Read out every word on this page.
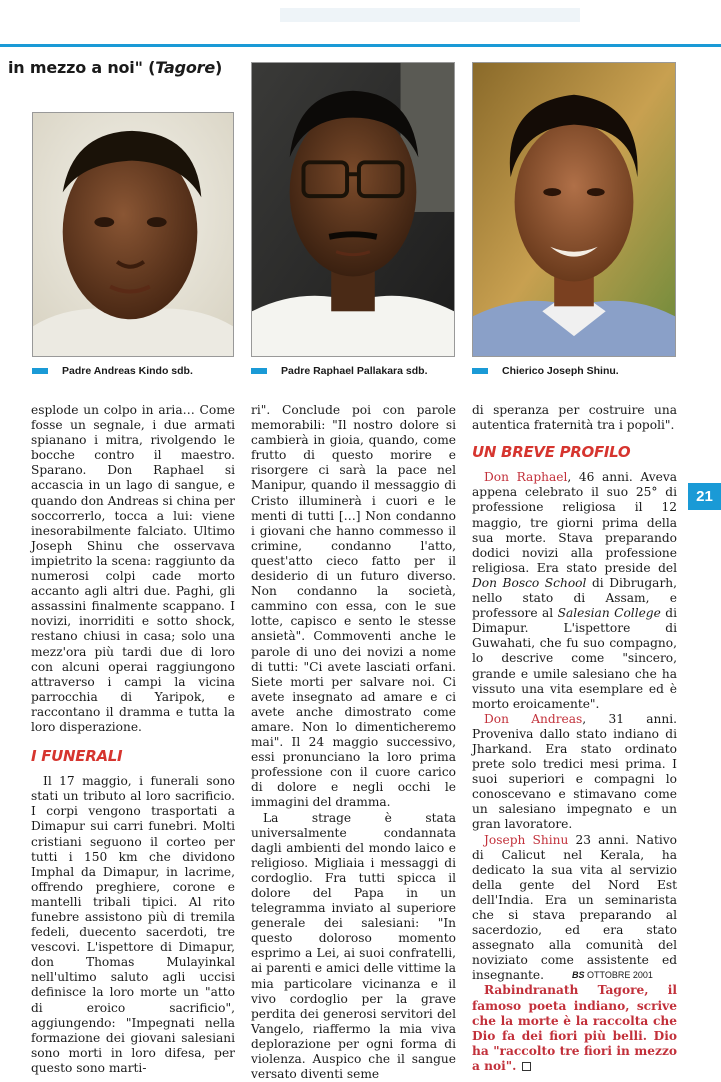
in mezzo a noi" (Tagore)
Padre Andreas Kindo sdb.	Padre Raphael Pallakara sdb.	Chierico Joseph Shinu.

esplode un colpo in aria… Come fosse un segnale, i due armati spianano i mitra, rivolgendo le bocche contro il maestro. Sparano. Don Raphael si accascia in un lago di sangue, e quando don Andreas si china per soccorrerlo, tocca a lui: viene inesorabilmente falciato. Ultimo Joseph Shinu che osservava impietrito la scena: raggiunto da numerosi colpi cade morto accanto agli altri due. Paghi, gli assassini finalmente scappano. I novizi, inorriditi e sotto shock, restano chiusi in casa; solo una mezz'ora più tardi due di loro con alcuni operai raggiungono attraverso i campi la vicina parrocchia di Yaripok, e raccontano il dramma e tutta la loro disperazione.

I FUNERALI

Il 17 maggio, i funerali sono stati un tributo al loro sacrificio. I corpi vengono trasportati a Dimapur sui carri funebri. Molti cristiani seguono il corteo per tutti i 150 km che dividono Imphal da Dimapur, in lacrime, offrendo preghiere, corone e mantelli tribali tipici. Al rito funebre assistono più di tremila fedeli, duecento sacerdoti, tre vescovi. L'ispettore di Dimapur, don Thomas Mulayinkal nell'ultimo saluto agli uccisi definisce la loro morte un "atto di eroico sacrificio", aggiungendo: "Impegnati nella formazione dei giovani salesiani sono morti in loro difesa, per questo sono marti-

ri". Conclude poi con parole memorabili: "Il nostro dolore si cambierà in gioia, quando, come frutto di questo morire e risorgere ci sarà la pace nel Manipur, quando il messaggio di Cristo illuminerà i cuori e le menti di tutti […] Non condanno i giovani che hanno commesso il crimine, condanno l'atto, quest'atto cieco fatto per il desiderio di un futuro diverso. Non condanno la società, cammino con essa, con le sue lotte, capisco e sento le stesse ansietà". Commoventi anche le parole di uno dei novizi a nome di tutti: "Ci avete lasciati orfani. Siete morti per salvare noi. Ci avete insegnato ad amare e ci avete anche dimostrato come amare. Non lo dimenticheremo mai". Il 24 maggio successivo, essi pronunciano la loro prima professione con il cuore carico di dolore e negli occhi le immagini del dramma.

La strage è stata universalmente condannata dagli ambienti del mondo laico e religioso. Migliaia i messaggi di cordoglio. Fra tutti spicca il dolore del Papa in un telegramma inviato al superiore generale dei salesiani: "In questo doloroso momento esprimo a Lei, ai suoi confratelli, ai parenti e amici delle vittime la mia particolare vicinanza e il vivo cordoglio per la grave perdita dei generosi servitori del Vangelo, riaffermo la mia viva deplorazione per ogni forma di violenza. Auspico che il sangue versato diventi seme

di speranza per costruire una autentica fraternità tra i popoli".

UN BREVE PROFILO

Don Raphael, 46 anni. Aveva appena celebrato il suo 25° di professione religiosa il 12 maggio, tre giorni prima della sua morte. Stava preparando dodici novizi alla professione religiosa. Era stato preside del Don Bosco School di Dibrugarh, nello stato di Assam, e professore al Salesian College di Dimapur. L'ispettore di Guwahati, che fu suo compagno, lo descrive come "sincero, grande e umile salesiano che ha vissuto una vita esemplare ed è morto eroicamente".

Don Andreas, 31 anni. Proveniva dallo stato indiano di Jharkand. Era stato ordinato prete solo tredici mesi prima. I suoi superiori e compagni lo conoscevano e stimavano come un salesiano impegnato e un gran lavoratore.

Joseph Shinu 23 anni. Nativo di Calicut nel Kerala, ha dedicato la sua vita al servizio della gente del Nord Est dell'India. Era un seminarista che si stava preparando al sacerdozio, ed era stato assegnato alla comunità del noviziato come assistente ed insegnante.

Rabindranath Tagore, il famoso poeta indiano, scrive che la morte è la raccolta che Dio fa dei fiori più belli. Dio ha "raccolto tre fiori in mezzo a noi".

21
BS OTTOBRE 2001
